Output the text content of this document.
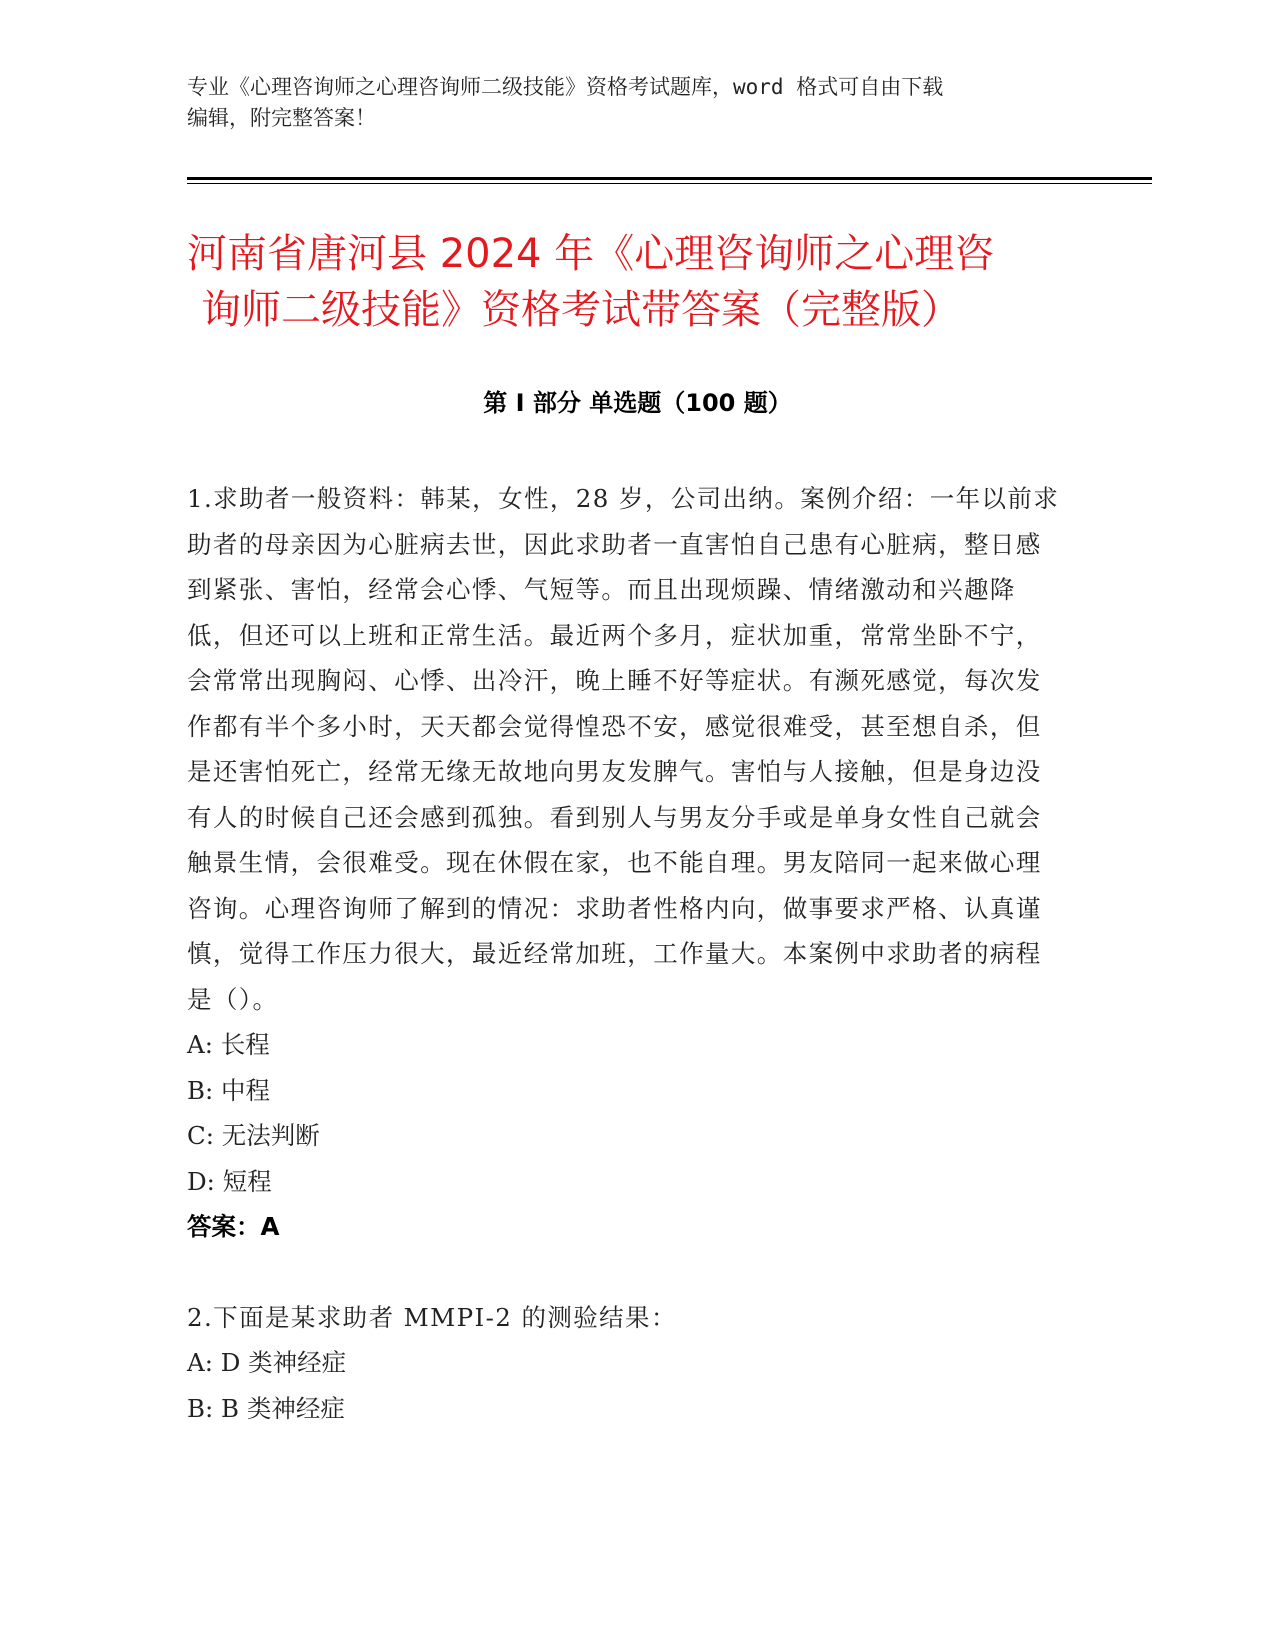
专业《心理咨询师之心理咨询师二级技能》资格考试题库，word 格式可自由下载
编辑，附完整答案！
河南省唐河县 2024 年《心理咨询师之心理咨
询师二级技能》资格考试带答案（完整版）
第 I 部分 单选题（100 题）
1.求助者一般资料：韩某，女性，28 岁，公司出纳。案例介绍：一年以前求助者的母亲因为心脏病去世，因此求助者一直害怕自己患有心脏病，整日感到紧张、害怕，经常会心悸、气短等。而且出现烦躁、情绪激动和兴趣降低，但还可以上班和正常生活。最近两个多月，症状加重，常常坐卧不宁，会常常出现胸闷、心悸、出冷汗，晚上睡不好等症状。有濒死感觉，每次发作都有半个多小时，天天都会觉得惶恐不安，感觉很难受，甚至想自杀，但是还害怕死亡，经常无缘无故地向男友发脾气。害怕与人接触，但是身边没有人的时候自己还会感到孤独。看到别人与男友分手或是单身女性自己就会触景生情，会很难受。现在休假在家，也不能自理。男友陪同一起来做心理咨询。心理咨询师了解到的情况：求助者性格内向，做事要求严格、认真谨慎，觉得工作压力很大，最近经常加班，工作量大。本案例中求助者的病程是（）。
A: 长程
B: 中程
C: 无法判断
D: 短程
答案：A
2.下面是某求助者 MMPI-2 的测验结果：
A: D 类神经症
B: B 类神经症
